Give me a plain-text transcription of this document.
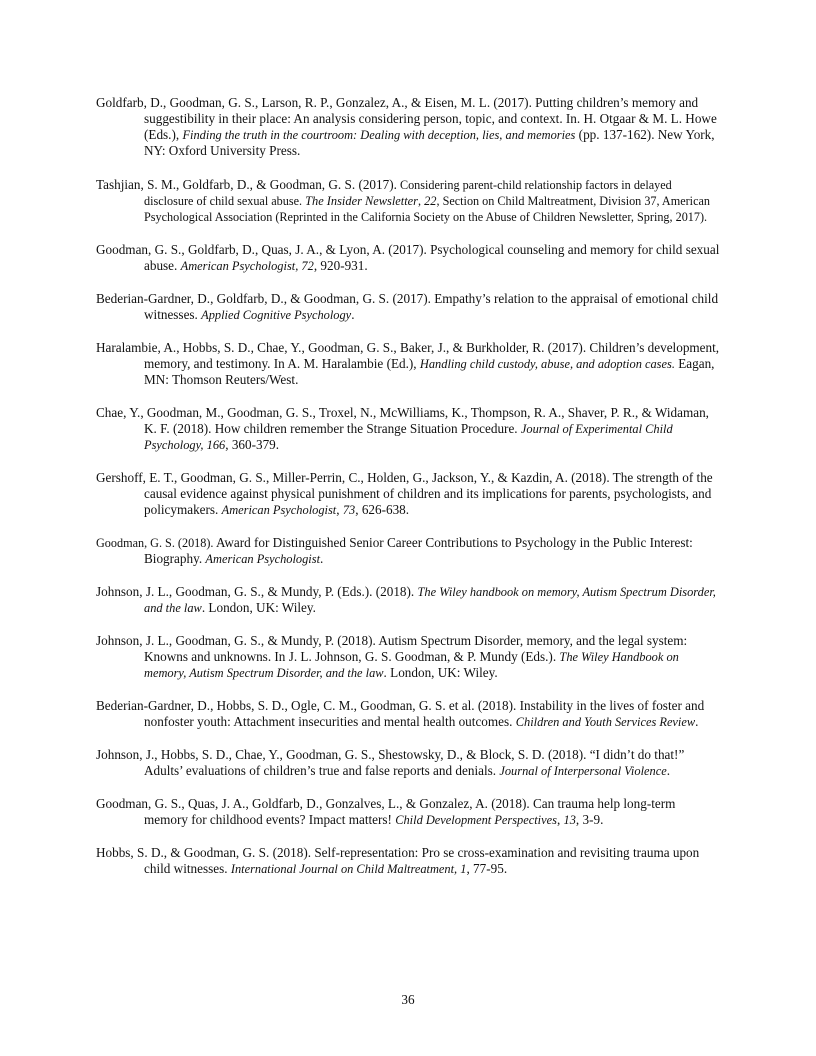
Goldfarb, D., Goodman, G. S., Larson, R. P., Gonzalez, A., & Eisen, M. L. (2017). Putting children’s memory and suggestibility in their place: An analysis considering person, topic, and context. In. H. Otgaar & M. L. Howe (Eds.), Finding the truth in the courtroom: Dealing with deception, lies, and memories (pp. 137-162). New York, NY: Oxford University Press.

Tashjian, S. M., Goldfarb, D., & Goodman, G. S. (2017). Considering parent-child relationship factors in delayed disclosure of child sexual abuse. The Insider Newsletter, 22, Section on Child Maltreatment, Division 37, American Psychological Association (Reprinted in the California Society on the Abuse of Children Newsletter, Spring, 2017).

Goodman, G. S., Goldfarb, D., Quas, J. A., & Lyon, A. (2017). Psychological counseling and memory for child sexual abuse. American Psychologist, 72, 920-931.

Bederian-Gardner, D., Goldfarb, D., & Goodman, G. S. (2017). Empathy’s relation to the appraisal of emotional child witnesses. Applied Cognitive Psychology.

Haralambie, A., Hobbs, S. D., Chae, Y., Goodman, G. S., Baker, J., & Burkholder, R. (2017). Children’s development, memory, and testimony. In A. M. Haralambie (Ed.), Handling child custody, abuse, and adoption cases. Eagan, MN: Thomson Reuters/West.

Chae, Y., Goodman, M., Goodman, G. S., Troxel, N., McWilliams, K., Thompson, R. A., Shaver, P. R., & Widaman, K. F. (2018). How children remember the Strange Situation Procedure. Journal of Experimental Child Psychology, 166, 360-379.

Gershoff, E. T., Goodman, G. S., Miller-Perrin, C., Holden, G., Jackson, Y., & Kazdin, A. (2018). The strength of the causal evidence against physical punishment of children and its implications for parents, psychologists, and policymakers. American Psychologist, 73, 626-638.

Goodman, G. S. (2018). Award for Distinguished Senior Career Contributions to Psychology in the Public Interest: Biography. American Psychologist.

Johnson, J. L., Goodman, G. S., & Mundy, P. (Eds.). (2018). The Wiley handbook on memory, Autism Spectrum Disorder, and the law. London, UK: Wiley.

Johnson, J. L., Goodman, G. S., & Mundy, P. (2018). Autism Spectrum Disorder, memory, and the legal system: Knowns and unknowns. In J. L. Johnson, G. S. Goodman, & P. Mundy (Eds.). The Wiley Handbook on memory, Autism Spectrum Disorder, and the law. London, UK: Wiley.

Bederian-Gardner, D., Hobbs, S. D., Ogle, C. M., Goodman, G. S. et al. (2018). Instability in the lives of foster and nonfoster youth: Attachment insecurities and mental health outcomes. Children and Youth Services Review.

Johnson, J., Hobbs, S. D., Chae, Y., Goodman, G. S., Shestowsky, D., & Block, S. D. (2018). “I didn’t do that!” Adults’ evaluations of children’s true and false reports and denials. Journal of Interpersonal Violence.

Goodman, G. S., Quas, J. A., Goldfarb, D., Gonzalves, L., & Gonzalez, A. (2018). Can trauma help long-term memory for childhood events? Impact matters! Child Development Perspectives, 13, 3-9.

Hobbs, S. D., & Goodman, G. S. (2018). Self-representation: Pro se cross-examination and revisiting trauma upon child witnesses. International Journal on Child Maltreatment, 1, 77-95.

36
